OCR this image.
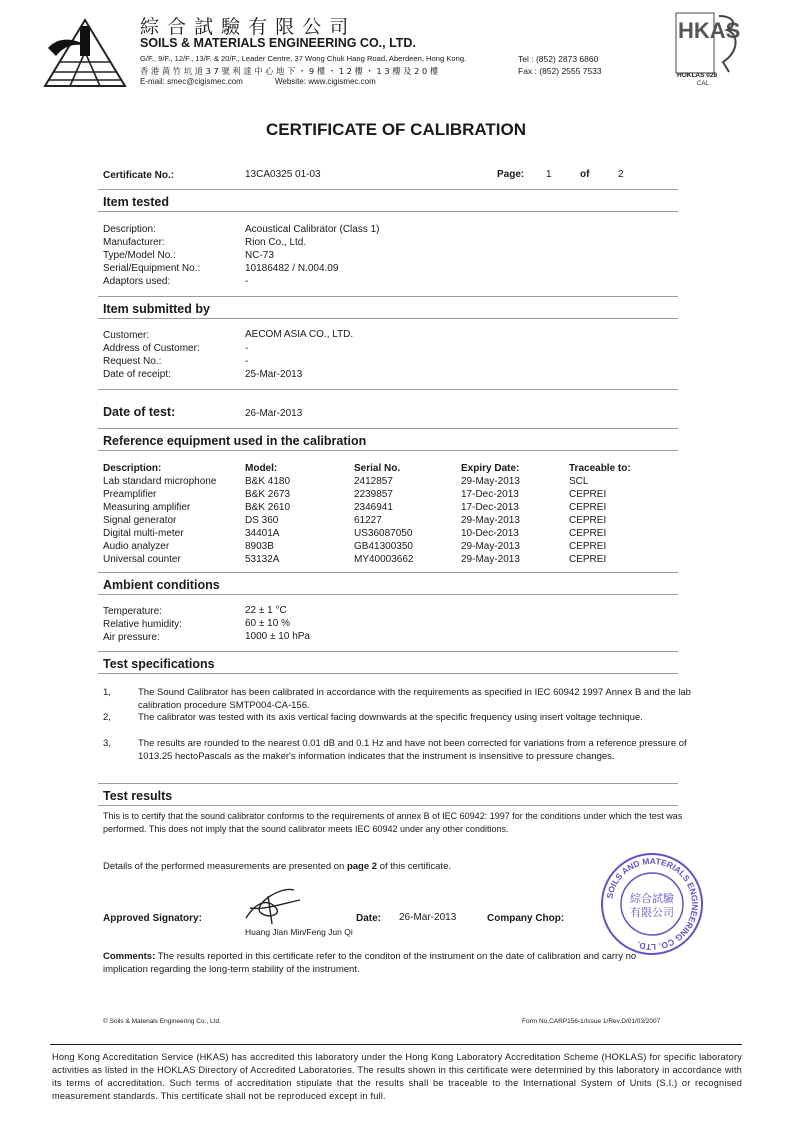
綜 合 試 驗 有 限 公 司
SOILS & MATERIALS ENGINEERING CO., LTD.
G/F., 9/F., 12/F., 13/F. & 20/F., Leader Centre, 37 Wong Chuk Hang Road, Aberdeen, Hong Kong.
香 港 黃 竹 坑 道 3 7 號 利 達 中 心 地 下 ・ 9 樓 ・ 1 2 樓 ・ 1 3 樓 及 2 0 樓
E-mail: smec@cigismec.com	Website: www.cigismec.com
Tel : (852) 2873 6860
Fax : (852) 2555 7533
HKAS
HOKLAS 028
CAL
CERTIFICATE OF CALIBRATION
Certificate No.:	13CA0325 01-03	Page: 1	of	2
Item tested
Description:	Acoustical Calibrator (Class 1)
Manufacturer:	Rion Co., Ltd.
Type/Model No.:	NC-73
Serial/Equipment No.:	10186482 / N.004.09
Adaptors used:	-
Item submitted by
Customer:	AECOM ASIA CO., LTD.
Address of Customer:	-
Request No.:	-
Date of receipt:	25-Mar-2013
Date of test:	26-Mar-2013
Reference equipment used in the calibration
Description:	Model:	Serial No.	Expiry Date:	Traceable to:
Lab standard microphone	B&K 4180	2412857	29-May-2013	SCL
Preamplifier	B&K 2673	2239857	17-Dec-2013	CEPREI
Measuring amplifier	B&K 2610	2346941	17-Dec-2013	CEPREI
Signal generator	DS 360	61227	29-May-2013	CEPREI
Digital multi-meter	34401A	US36087050	10-Dec-2013	CEPREI
Audio analyzer	8903B	GB41300350	29-May-2013	CEPREI
Universal counter	53132A	MY40003662	29-May-2013	CEPREI
Ambient conditions
Temperature:	22 ± 1 °C
Relative humidity:	60 ± 10 %
Air pressure:	1000 ± 10 hPa
Test specifications
1,	The Sound Calibrator has been calibrated in accordance with the requirements as specified in IEC 60942 1997 Annex B and the lab calibration procedure SMTP004-CA-156.
2,	The calibrator was tested with its axis vertical facing downwards at the specific frequency using insert voltage technique.
3,	The results are rounded to the nearest 0.01 dB and 0.1 Hz and have not been corrected for variations from a reference pressure of 1013.25 hectoPascals as the maker's information indicates that the instrument is insensitive to pressure changes.
Test results
This is to certify that the sound calibrator conforms to the requirements of annex B of IEC 60942: 1997 for the conditions under which the test was performed. This does not imply that the sound calibrator meets IEC 60942 under any other conditions.
Details of the performed measurements are presented on page 2 of this certificate.
Approved Signatory:
Huang Jian Min/Feng Jun Qi
Date: 26-Mar-2013	Company Chop:
SOILS AND MATERIALS ENGINEERING CO. LTD.
綜合試驗
有限公司
Comments: The results reported in this certificate refer to the conditon of the instrument on the date of calibration and carry no implication regarding the long-term stability of the instrument.
© Soils & Materials Engineering Co., Ltd.	Form No.CARP156-1/Issue 1/Rev.D/01/03/2007
Hong Kong Accreditation Service (HKAS) has accredited this laboratory under the Hong Kong Laboratory Accreditation Scheme (HOKLAS) for specific laboratory activities as listed in the HOKLAS Directory of Accredited Laboratories. The results shown in this certificate were determined by this laboratory in accordance with its terms of accreditation. Such terms of accreditation stipulate that the results shall be traceable to the International System of Units (S.I.) or recognised measurement standards. This certificate shall not be reproduced except in full.
